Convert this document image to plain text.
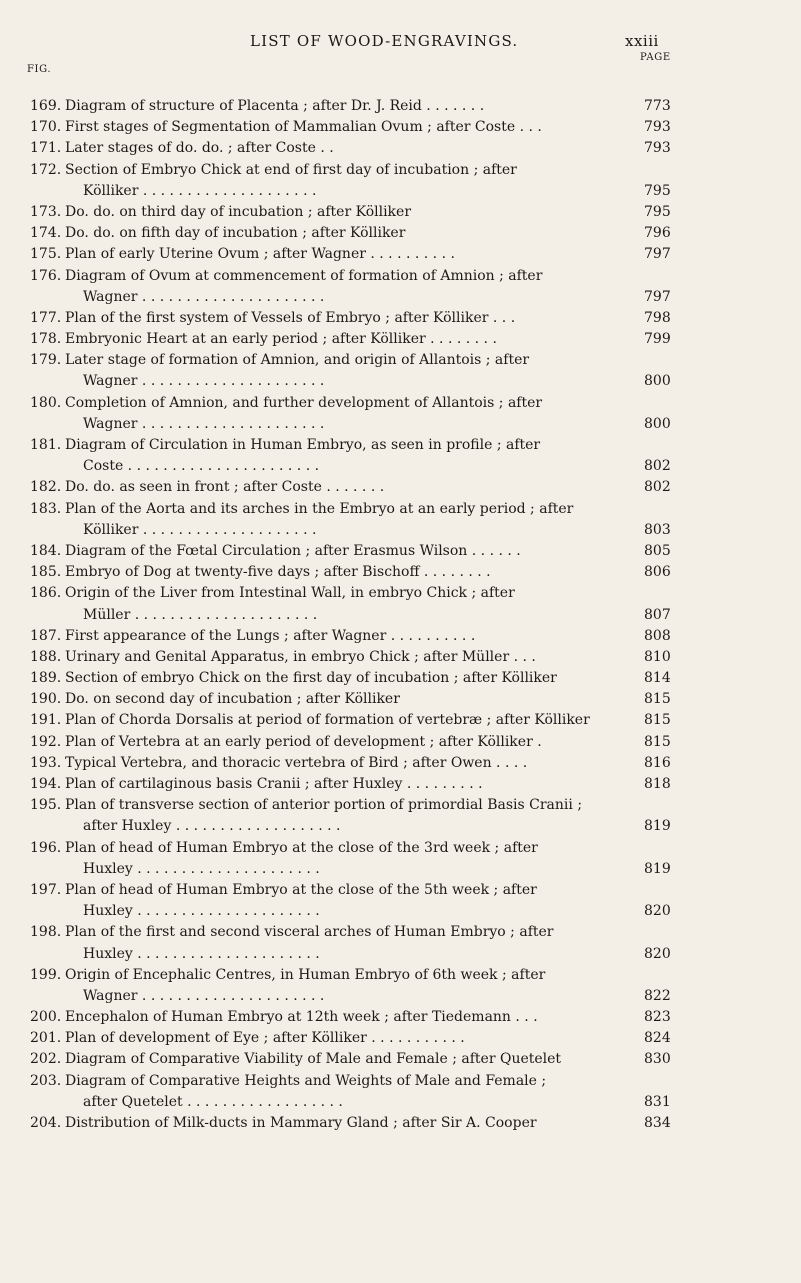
LIST OF WOOD-ENGRAVINGS.	xxiii
FIG.
PAGE
169. Diagram of structure of Placenta ; after Dr. J. Reid . . . . . . .	773
170. First stages of Segmentation of Mammalian Ovum ; after Coste . . .	793
171. Later stages of do. do. ; after Coste . .	793
172. Section of Embryo Chick at end of first day of incubation ; after
Kölliker . . . . . . . . . . . . . . . . . . . .	795
173. Do. do. on third day of incubation ; after Kölliker	795
174. Do. do. on fifth day of incubation ; after Kölliker	796
175. Plan of early Uterine Ovum ; after Wagner . . . . . . . . . .	797
176. Diagram of Ovum at commencement of formation of Amnion ; after
Wagner . . . . . . . . . . . . . . . . . . . . .	797
177. Plan of the first system of Vessels of Embryo ; after Kölliker . . .	798
178. Embryonic Heart at an early period ; after Kölliker . . . . . . . .	799
179. Later stage of formation of Amnion, and origin of Allantois ; after
Wagner . . . . . . . . . . . . . . . . . . . . .	800
180. Completion of Amnion, and further development of Allantois ; after
Wagner . . . . . . . . . . . . . . . . . . . . .	800
181. Diagram of Circulation in Human Embryo, as seen in profile ; after
Coste . . . . . . . . . . . . . . . . . . . . . .	802
182. Do. do. as seen in front ; after Coste . . . . . . .	802
183. Plan of the Aorta and its arches in the Embryo at an early period ; after
Kölliker . . . . . . . . . . . . . . . . . . . .	803
184. Diagram of the Fœtal Circulation ; after Erasmus Wilson . . . . . .	805
185. Embryo of Dog at twenty-five days ; after Bischoff . . . . . . . .	806
186. Origin of the Liver from Intestinal Wall, in embryo Chick ; after
Müller . . . . . . . . . . . . . . . . . . . . .	807
187. First appearance of the Lungs ; after Wagner . . . . . . . . . .	808
188. Urinary and Genital Apparatus, in embryo Chick ; after Müller . . .	810
189. Section of embryo Chick on the first day of incubation ; after Kölliker	814
190. Do. on second day of incubation ; after Kölliker	815
191. Plan of Chorda Dorsalis at period of formation of vertebræ ; after Kölliker	815
192. Plan of Vertebra at an early period of development ; after Kölliker .	815
193. Typical Vertebra, and thoracic vertebra of Bird ; after Owen . . . .	816
194. Plan of cartilaginous basis Cranii ; after Huxley . . . . . . . . .	818
195. Plan of transverse section of anterior portion of primordial Basis Cranii ;
after Huxley . . . . . . . . . . . . . . . . . . .	819
196. Plan of head of Human Embryo at the close of the 3rd week ; after
Huxley . . . . . . . . . . . . . . . . . . . . .	819
197. Plan of head of Human Embryo at the close of the 5th week ; after
Huxley . . . . . . . . . . . . . . . . . . . . .	820
198. Plan of the first and second visceral arches of Human Embryo ; after
Huxley . . . . . . . . . . . . . . . . . . . . .	820
199. Origin of Encephalic Centres, in Human Embryo of 6th week ; after
Wagner . . . . . . . . . . . . . . . . . . . . .	822
200. Encephalon of Human Embryo at 12th week ; after Tiedemann . . .	823
201. Plan of development of Eye ; after Kölliker . . . . . . . . . . .	824
202. Diagram of Comparative Viability of Male and Female ; after Quetelet	830
203. Diagram of Comparative Heights and Weights of Male and Female ;
after Quetelet . . . . . . . . . . . . . . . . . .	831
204. Distribution of Milk-ducts in Mammary Gland ; after Sir A. Cooper	834
